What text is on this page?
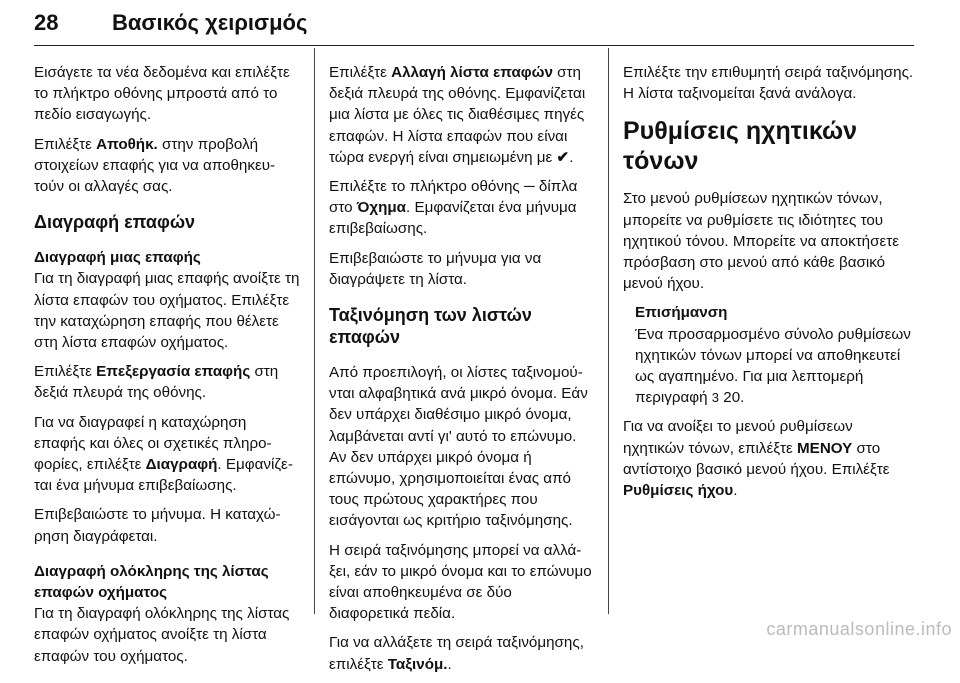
28 Βασικός χειρισμός

Εισάγετε τα νέα δεδομένα και επιλέξτε το πλήκτρο οθόνης μπροστά από το πεδίο εισαγωγής.

Επιλέξτε Αποθήκ. στην προβολή στοιχείων επαφής για να αποθηκευτούν οι αλλαγές σας.

Διαγραφή επαφών
Διαγραφή μιας επαφής

Για τη διαγραφή μιας επαφής ανοίξτε τη λίστα επαφών του οχήματος. Επιλέξτε την καταχώρηση επαφής που θέλετε στη λίστα επαφών οχήματος.

Επιλέξτε Επεξεργασία επαφής στη δεξιά πλευρά της οθόνης.

Για να διαγραφεί η καταχώρηση επαφής και όλες οι σχετικές πληροφορίες, επιλέξτε Διαγραφή. Εμφανίζεται ένα μήνυμα επιβεβαίωσης.

Επιβεβαιώστε το μήνυμα. Η καταχώρηση διαγράφεται.

Διαγραφή ολόκληρης της λίστας επαφών οχήματος

Για τη διαγραφή ολόκληρης της λίστας επαφών οχήματος ανοίξτε τη λίστα επαφών του οχήματος.

Επιλέξτε Αλλαγή λίστα επαφών στη δεξιά πλευρά της οθόνης. Εμφανίζεται μια λίστα με όλες τις διαθέσιμες πηγές επαφών. Η λίστα επαφών που είναι τώρα ενεργή είναι σημειωμένη με ✔.

Επιλέξτε το πλήκτρο οθόνης ─ δίπλα στο Όχημα. Εμφανίζεται ένα μήνυμα επιβεβαίωσης.

Επιβεβαιώστε το μήνυμα για να διαγράψετε τη λίστα.

Ταξινόμηση των λιστών επαφών

Από προεπιλογή, οι λίστες ταξινομούνται αλφαβητικά ανά μικρό όνομα. Εάν δεν υπάρχει διαθέσιμο μικρό όνομα, λαμβάνεται αντί γι' αυτό το επώνυμο. Αν δεν υπάρχει μικρό όνομα ή επώνυμο, χρησιμοποιείται ένας από τους πρώτους χαρακτήρες που εισάγονται ως κριτήριο ταξινόμησης.

Η σειρά ταξινόμησης μπορεί να αλλάξει, εάν το μικρό όνομα και το επώνυμο είναι αποθηκευμένα σε δύο διαφορετικά πεδία.

Για να αλλάξετε τη σειρά ταξινόμησης, επιλέξτε Ταξινόμ..

Επιλέξτε την επιθυμητή σειρά ταξινόμησης. Η λίστα ταξινομείται ξανά ανάλογα.

Ρυθμίσεις ηχητικών τόνων

Στο μενού ρυθμίσεων ηχητικών τόνων, μπορείτε να ρυθμίσετε τις ιδιότητες του ηχητικού τόνου. Μπορείτε να αποκτήσετε πρόσβαση στο μενού από κάθε βασικό μενού ήχου.

Επισήμανση

Ένα προσαρμοσμένο σύνολο ρυθμίσεων ηχητικών τόνων μπορεί να αποθηκευτεί ως αγαπημένο. Για μια λεπτομερή περιγραφή 3 20.

Για να ανοίξει το μενού ρυθμίσεων ηχητικών τόνων, επιλέξτε ΜΕΝΟΥ στο αντίστοιχο βασικό μενού ήχου. Επιλέξτε Ρυθμίσεις ήχου.

carmanualsonline.info
